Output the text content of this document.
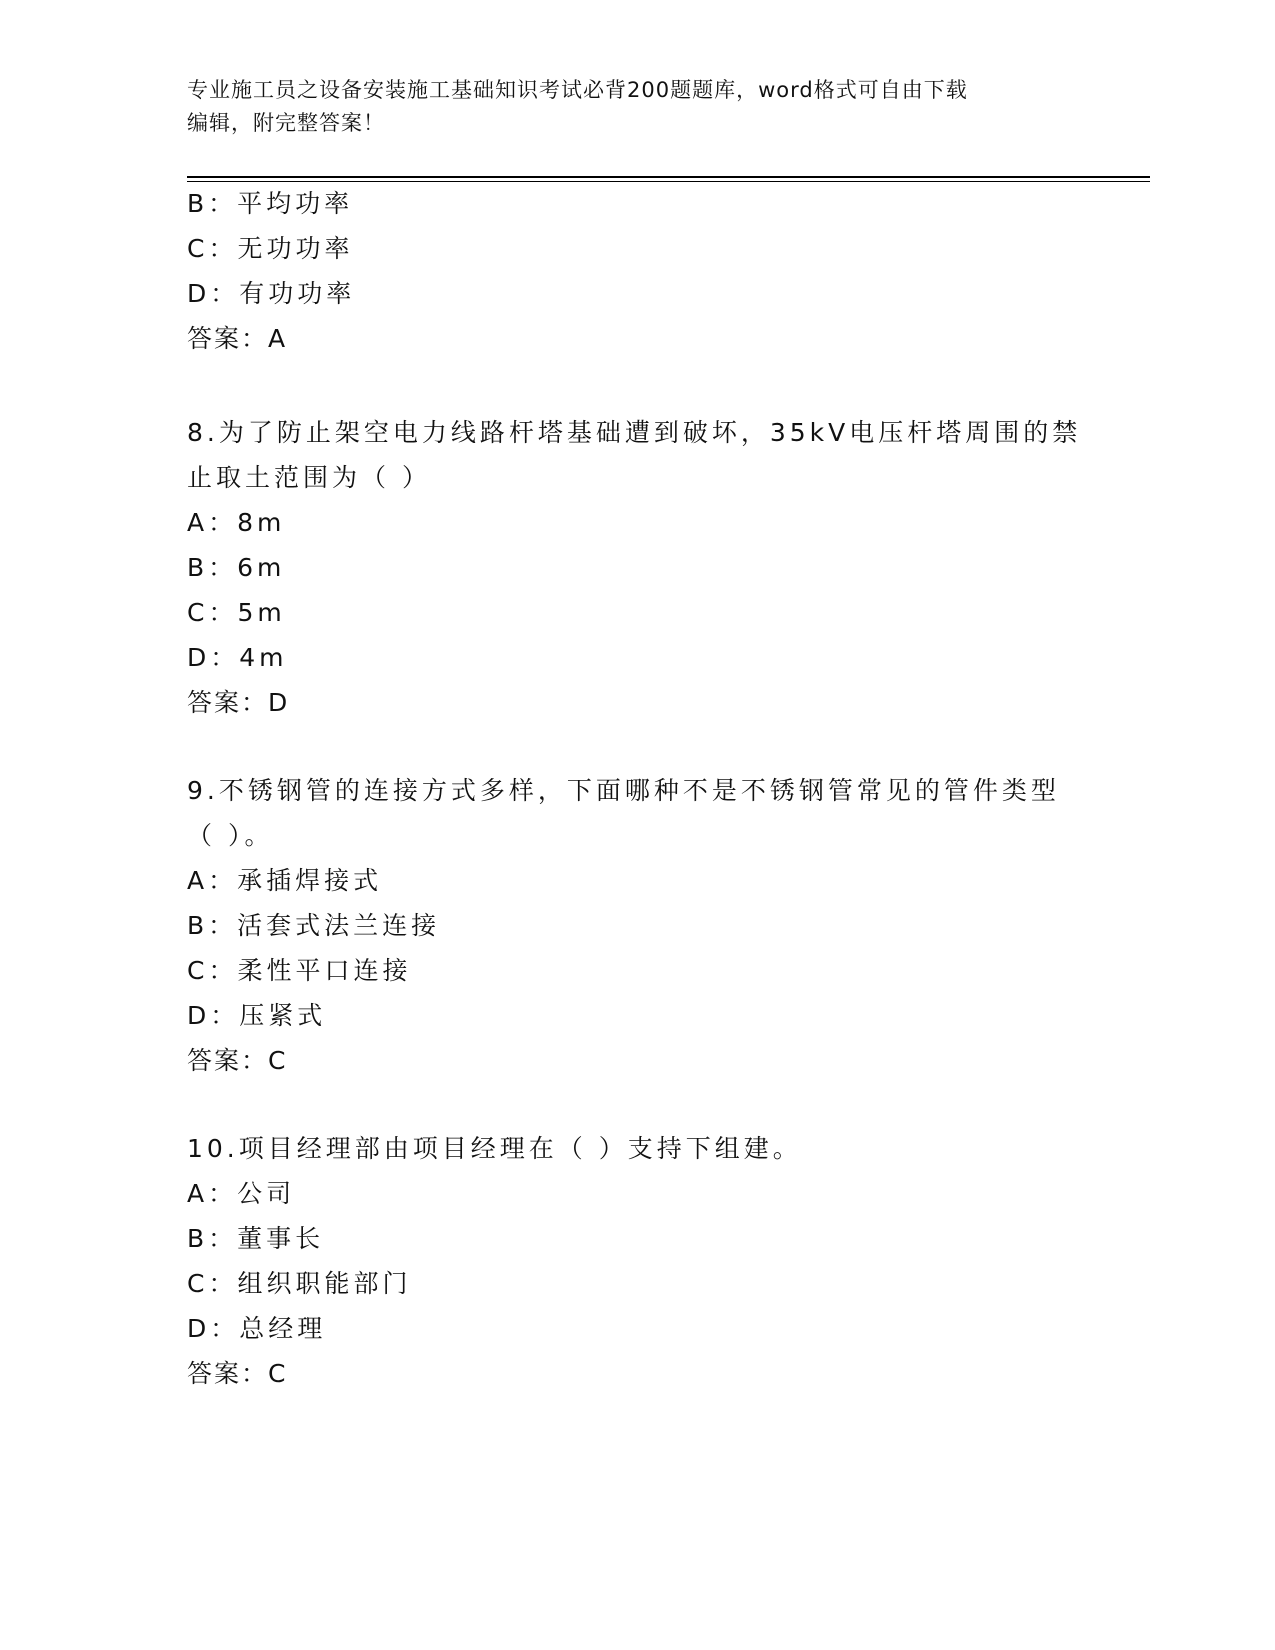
专业施工员之设备安装施工基础知识考试必背200题题库，word格式可自由下载
编辑，附完整答案！
B：平均功率
C：无功功率
D：有功功率
答案：A
8.为了防止架空电力线路杆塔基础遭到破坏，35kV电压杆塔周围的禁
止取土范围为（ ）
A：8m
B：6m
C：5m
D：4m
答案：D
9.不锈钢管的连接方式多样，下面哪种不是不锈钢管常见的管件类型
（ ）。
A：承插焊接式
B：活套式法兰连接
C：柔性平口连接
D：压紧式
答案：C
10.项目经理部由项目经理在（ ）支持下组建。
A：公司
B：董事长
C：组织职能部门
D：总经理
答案：C
